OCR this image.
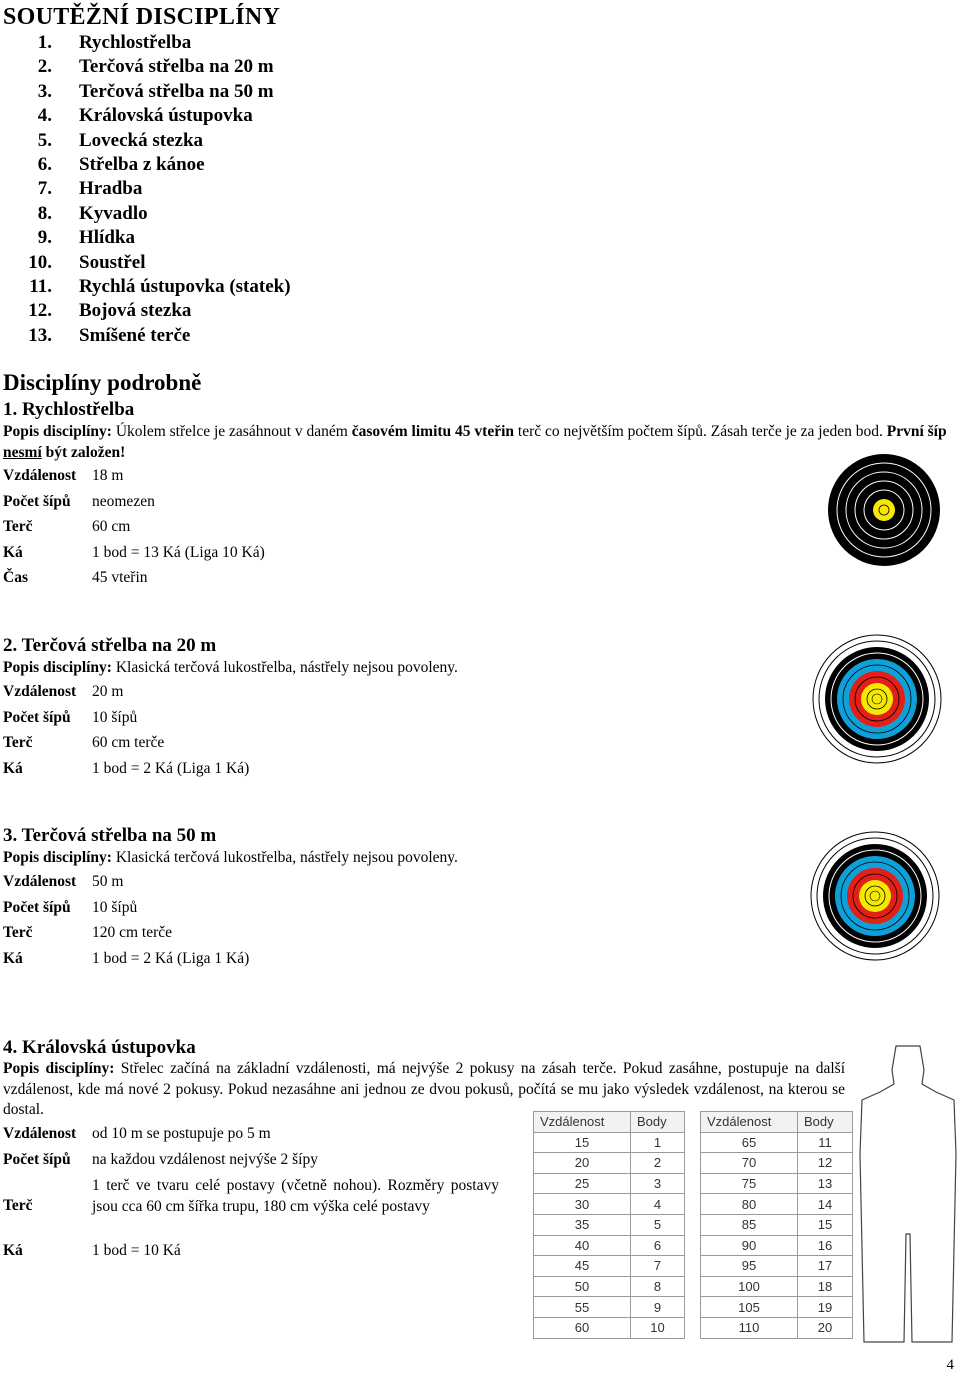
SOUTĚŽNÍ DISCIPLÍNY
1. Rychlostřelba
2. Terčová střelba na 20 m
3. Terčová střelba na 50 m
4. Královská ústupovka
5. Lovecká stezka
6. Střelba z kánoe
7. Hradba
8. Kyvadlo
9. Hlídka
10. Soustřel
11. Rychlá ústupovka (statek)
12. Bojová stezka
13. Smíšené terče
Disciplíny podrobně
1. Rychlostřelba
Popis disciplíny: Úkolem střelce je zasáhnout v daném časovém limitu 45 vteřin terč co největším počtem šípů. Zásah terče je za jeden bod. První šíp nesmí být založen!
Vzdálenost 18 m
Počet šípů neomezen
Terč	60 cm
Ká	1 bod = 13 Ká (Liga 10 Ká)
Čas	45 vteřin
2. Terčová střelba na 20 m
Popis disciplíny: Klasická terčová lukostřelba, nástřely nejsou povoleny.
Vzdálenost 20 m
Počet šípů 10 šípů
Terč	60 cm terče
Ká	1 bod = 2 Ká (Liga 1 Ká)
3. Terčová střelba na 50 m
Popis disciplíny: Klasická terčová lukostřelba, nástřely nejsou povoleny.
Vzdálenost 50 m
Počet šípů 10 šípů
Terč	120 cm terče
Ká	1 bod = 2 Ká (Liga 1 Ká)
4. Královská ústupovka
Popis disciplíny: Střelec začíná na základní vzdálenosti, má nejvýše 2 pokusy na zásah terče. Pokud zasáhne, postupuje na další vzdálenost, kde má nové 2 pokusy. Pokud nezasáhne ani jednou ze dvou pokusů, počítá se mu jako výsledek vzdálenost, na kterou se dostal.
Vzdálenost od 10 m se postupuje po 5 m
Počet šípů na každou vzdálenost nejvýše 2 šípy
Terč
1 terč ve tvaru celé postavy (včetně nohou). Rozměry postavy jsou cca 60 cm šířka trupu, 180 cm výška celé postavy
Ká	1 bod = 10 Ká
Vzdálenost	Body
15	1
20	2
25	3
30	4
35	5
40	6
45	7
50	8
55	9
60	10
Vzdálenost	Body
65	11
70	12
75	13
80	14
85	15
90	16
95	17
100	18
105	19
110	20
4
